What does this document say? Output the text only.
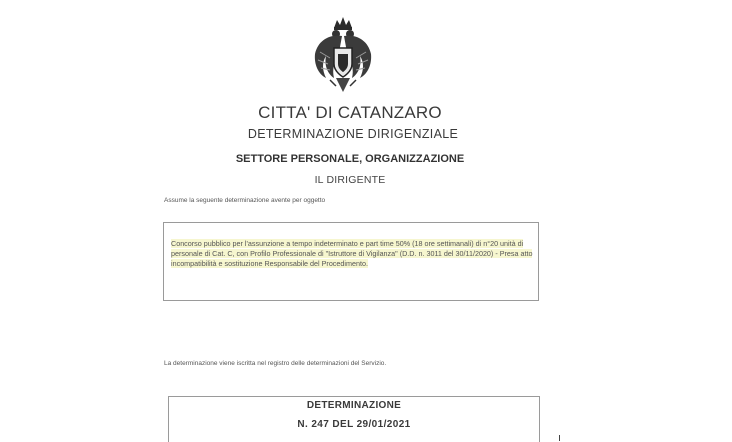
CITTA' DI CATANZARO
DETERMINAZIONE DIRIGENZIALE
SETTORE PERSONALE, ORGANIZZAZIONE
IL DIRIGENTE
Assume la seguente determinazione avente per oggetto
Concorso pubblico per l'assunzione a tempo indeterminato e part time 50% (18 ore settimanali) di n°20 unità di personale di Cat. C, con Profilo Professionale di "Istruttore di Vigilanza" (D.D. n. 3011 del 30/11/2020) - Presa atto incompatibilità e sostituzione Responsabile del Procedimento.
La determinazione viene iscritta nel registro delle determinazioni del Servizio.
DETERMINAZIONE
N. 247 DEL 29/01/2021
